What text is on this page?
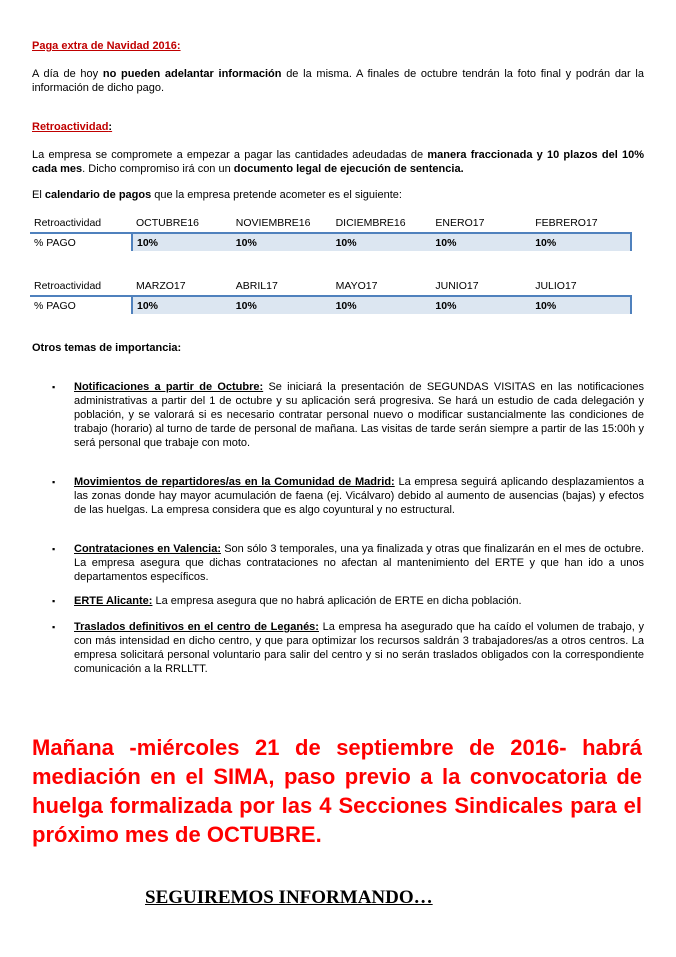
Paga extra de Navidad 2016:
A día de hoy no pueden adelantar información de la misma. A finales de octubre tendrán la foto final y podrán dar la información de dicho pago.
Retroactividad:
La empresa se compromete a empezar a pagar las cantidades adeudadas de manera fraccionada y 10 plazos del 10% cada mes. Dicho compromiso irá con un documento legal de ejecución de sentencia.
El calendario de pagos que la empresa pretende acometer es el siguiente:
Retroactividad	OCTUBRE16	NOVIEMBRE16	DICIEMBRE16	ENERO17	FEBRERO17
% PAGO	10%	10%	10%	10%	10%
Retroactividad	MARZO17	ABRIL17	MAYO17	JUNIO17	JULIO17
% PAGO	10%	10%	10%	10%	10%
Otros temas de importancia:
▪ Notificaciones a partir de Octubre: Se iniciará la presentación de SEGUNDAS VISITAS en las notificaciones administrativas a partir del 1 de octubre y su aplicación será progresiva. Se hará un estudio de cada delegación y población, y se valorará si es necesario contratar personal nuevo o modificar sustancialmente las condiciones de trabajo (horario) al turno de tarde de personal de mañana. Las visitas de tarde serán siempre a partir de las 15:00h y será personal que trabaje con moto.
▪ Movimientos de repartidores/as en la Comunidad de Madrid: La empresa seguirá aplicando desplazamientos a las zonas donde hay mayor acumulación de faena (ej. Vicálvaro) debido al aumento de ausencias (bajas) y efectos de las huelgas. La empresa considera que es algo coyuntural y no estructural.
▪ Contrataciones en Valencia: Son sólo 3 temporales, una ya finalizada y otras que finalizarán en el mes de octubre. La empresa asegura que dichas contrataciones no afectan al mantenimiento del ERTE y que han ido a unos departamentos específicos.
▪ ERTE Alicante: La empresa asegura que no habrá aplicación de ERTE en dicha población.
▪ Traslados definitivos en el centro de Leganés: La empresa ha asegurado que ha caído el volumen de trabajo, y con más intensidad en dicho centro, y que para optimizar los recursos saldrán 3 trabajadores/as a otros centros. La empresa solicitará personal voluntario para salir del centro y si no serán traslados obligados con la correspondiente comunicación a la RRLLTT.
Mañana -miércoles 21 de septiembre de 2016- habrá mediación en el SIMA, paso previo a la convocatoria de huelga formalizada por las 4 Secciones Sindicales para el próximo mes de OCTUBRE.
SEGUIREMOS INFORMANDO…
